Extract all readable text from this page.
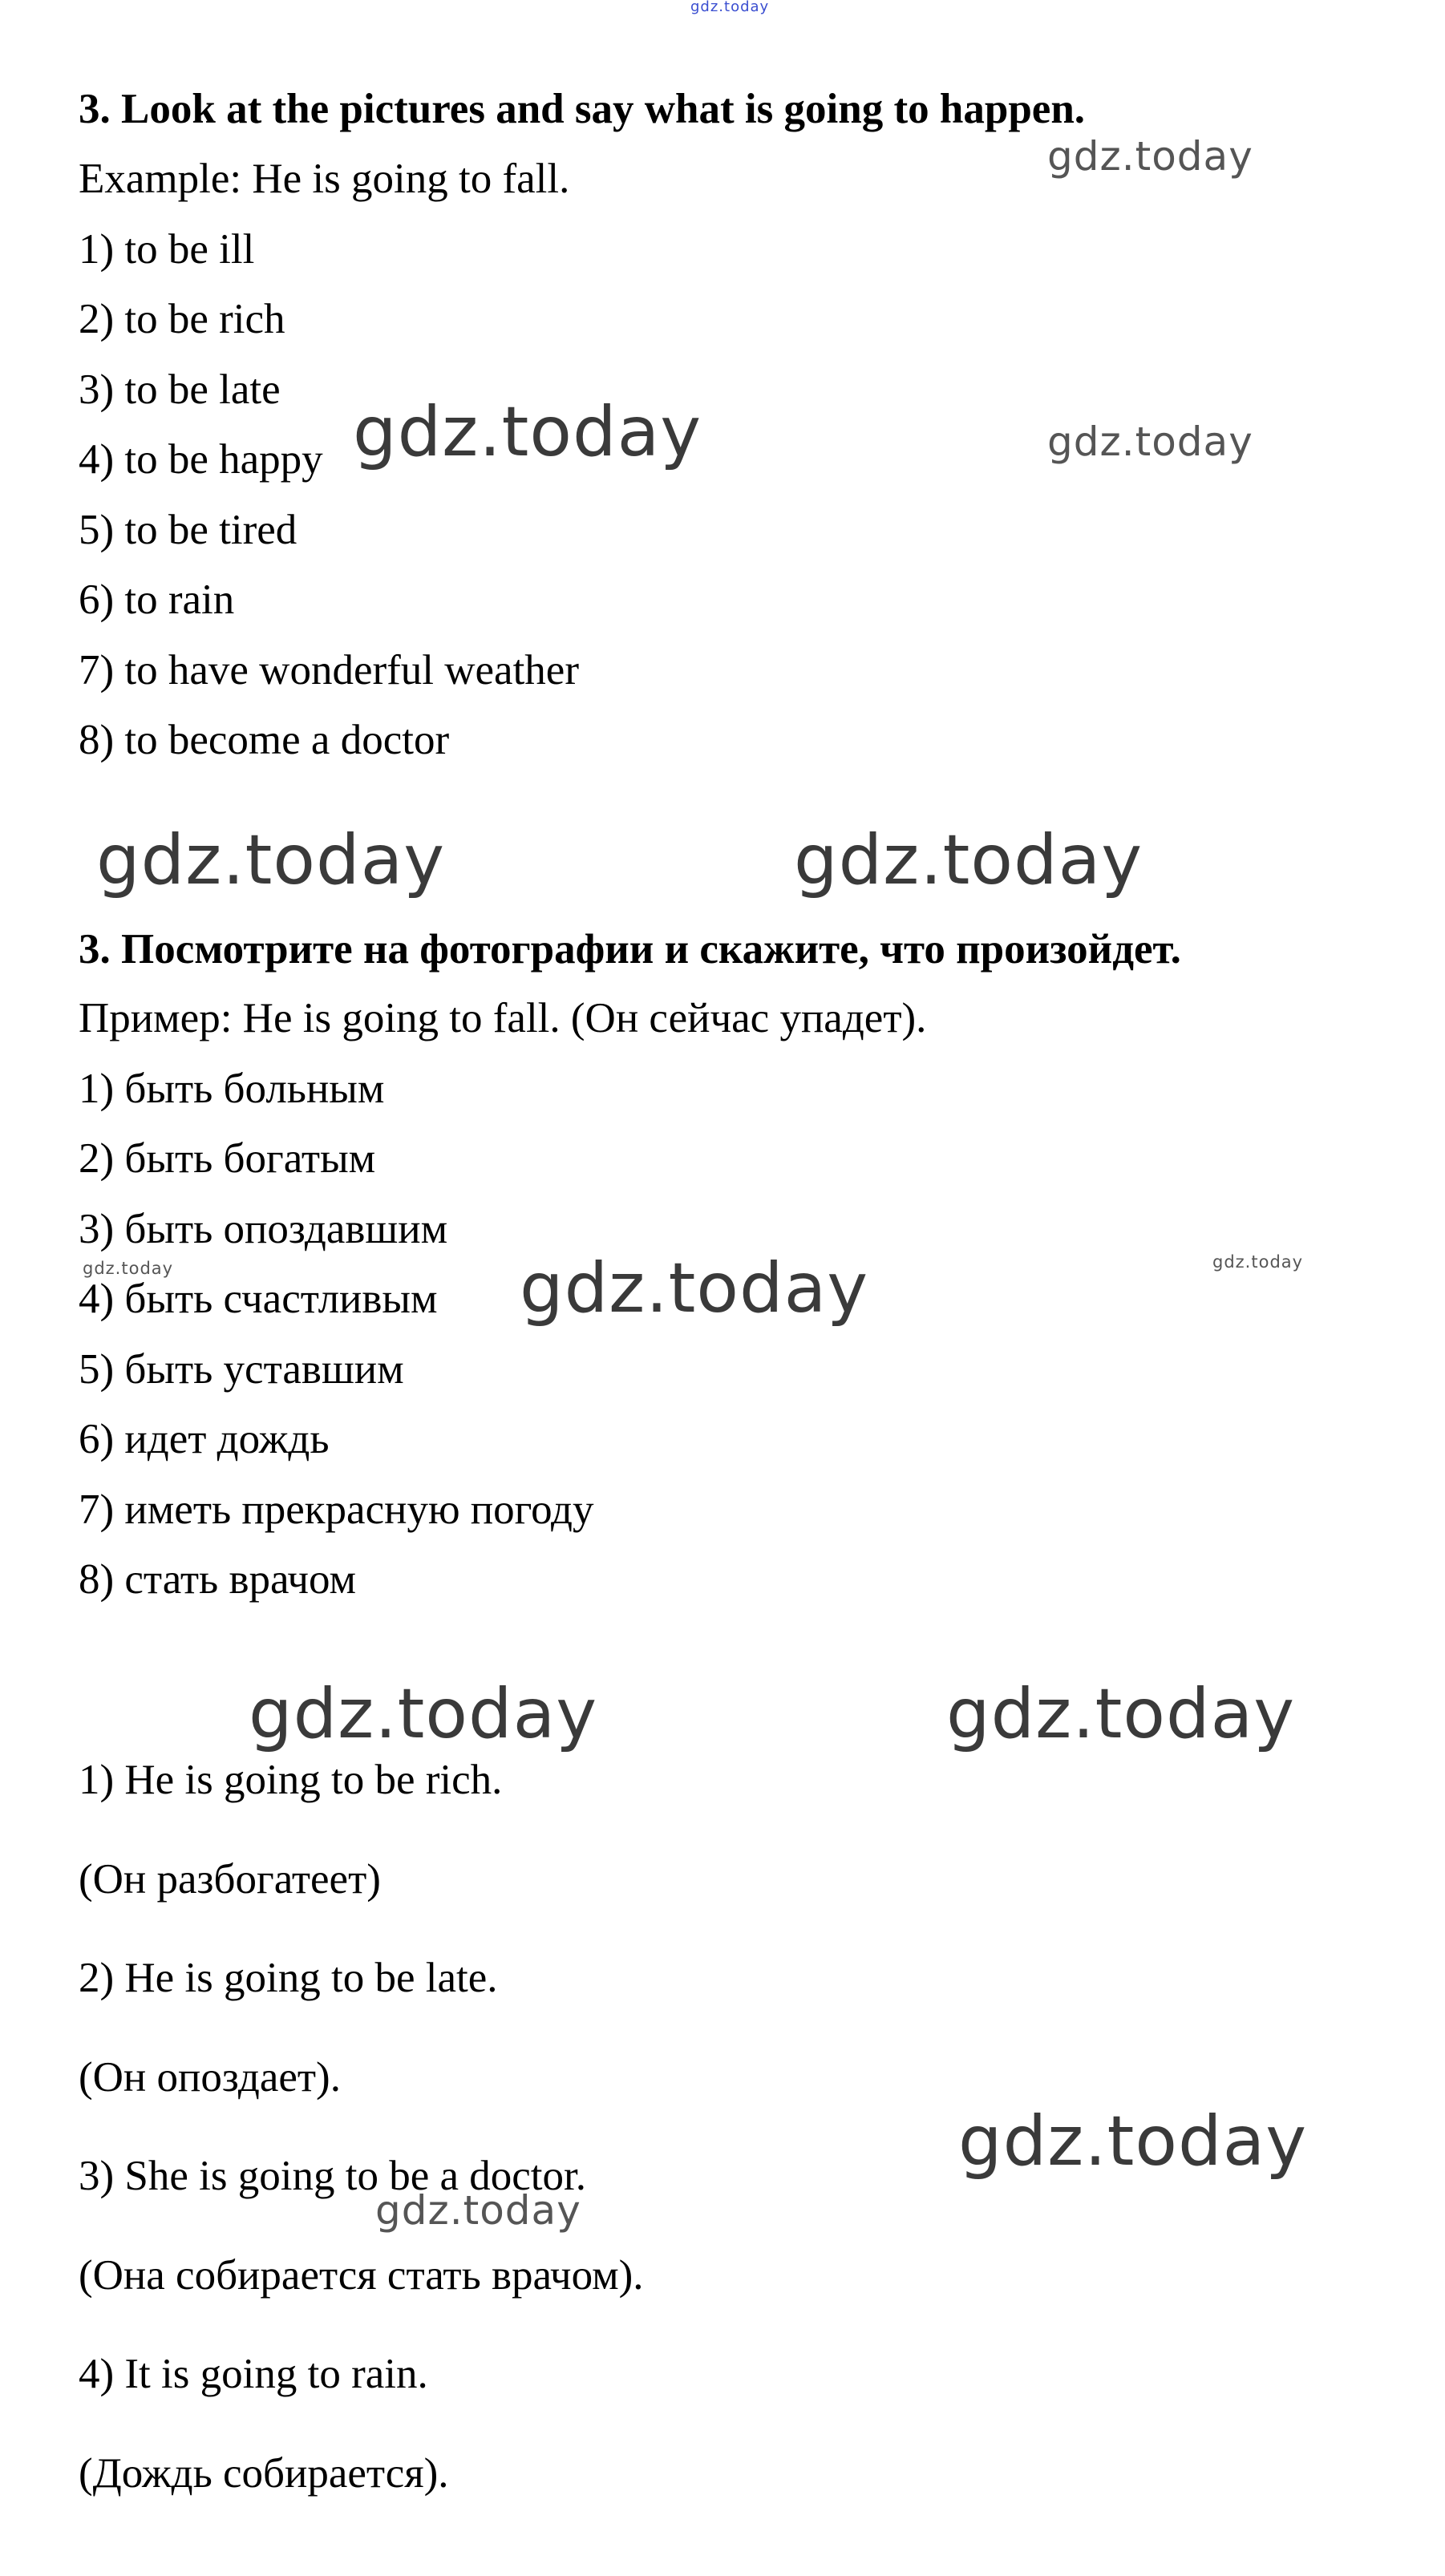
3. Look at the pictures and say what is going to happen.
Example: He is going to fall.
1) to be ill
2) to be rich
3) to be late
4) to be happy
5) to be tired
6) to rain
7) to have wonderful weather
8) to become a doctor
3. Посмотрите на фотографии и скажите, что произойдет.
Пример: He is going to fall. (Он сейчас упадет).
1) быть больным
2) быть богатым
3) быть опоздавшим
4) быть счастливым
5) быть уставшим
6) идет дождь
7) иметь прекрасную погоду
8) стать врачом
1) He is going to be rich.
(Он разбогатеет)
2) He is going to be late.
(Он опоздает).
3) She is going to be a doctor.
(Она собирается стать врачом).
4) It is going to rain.
(Дождь собирается).
gdz.today
gdz.today
gdz.today	gdz.today
gdz.today	gdz.today
gdz.today	gdz.today	gdz.today
gdz.today	gdz.today
gdz.today
gdz.today
